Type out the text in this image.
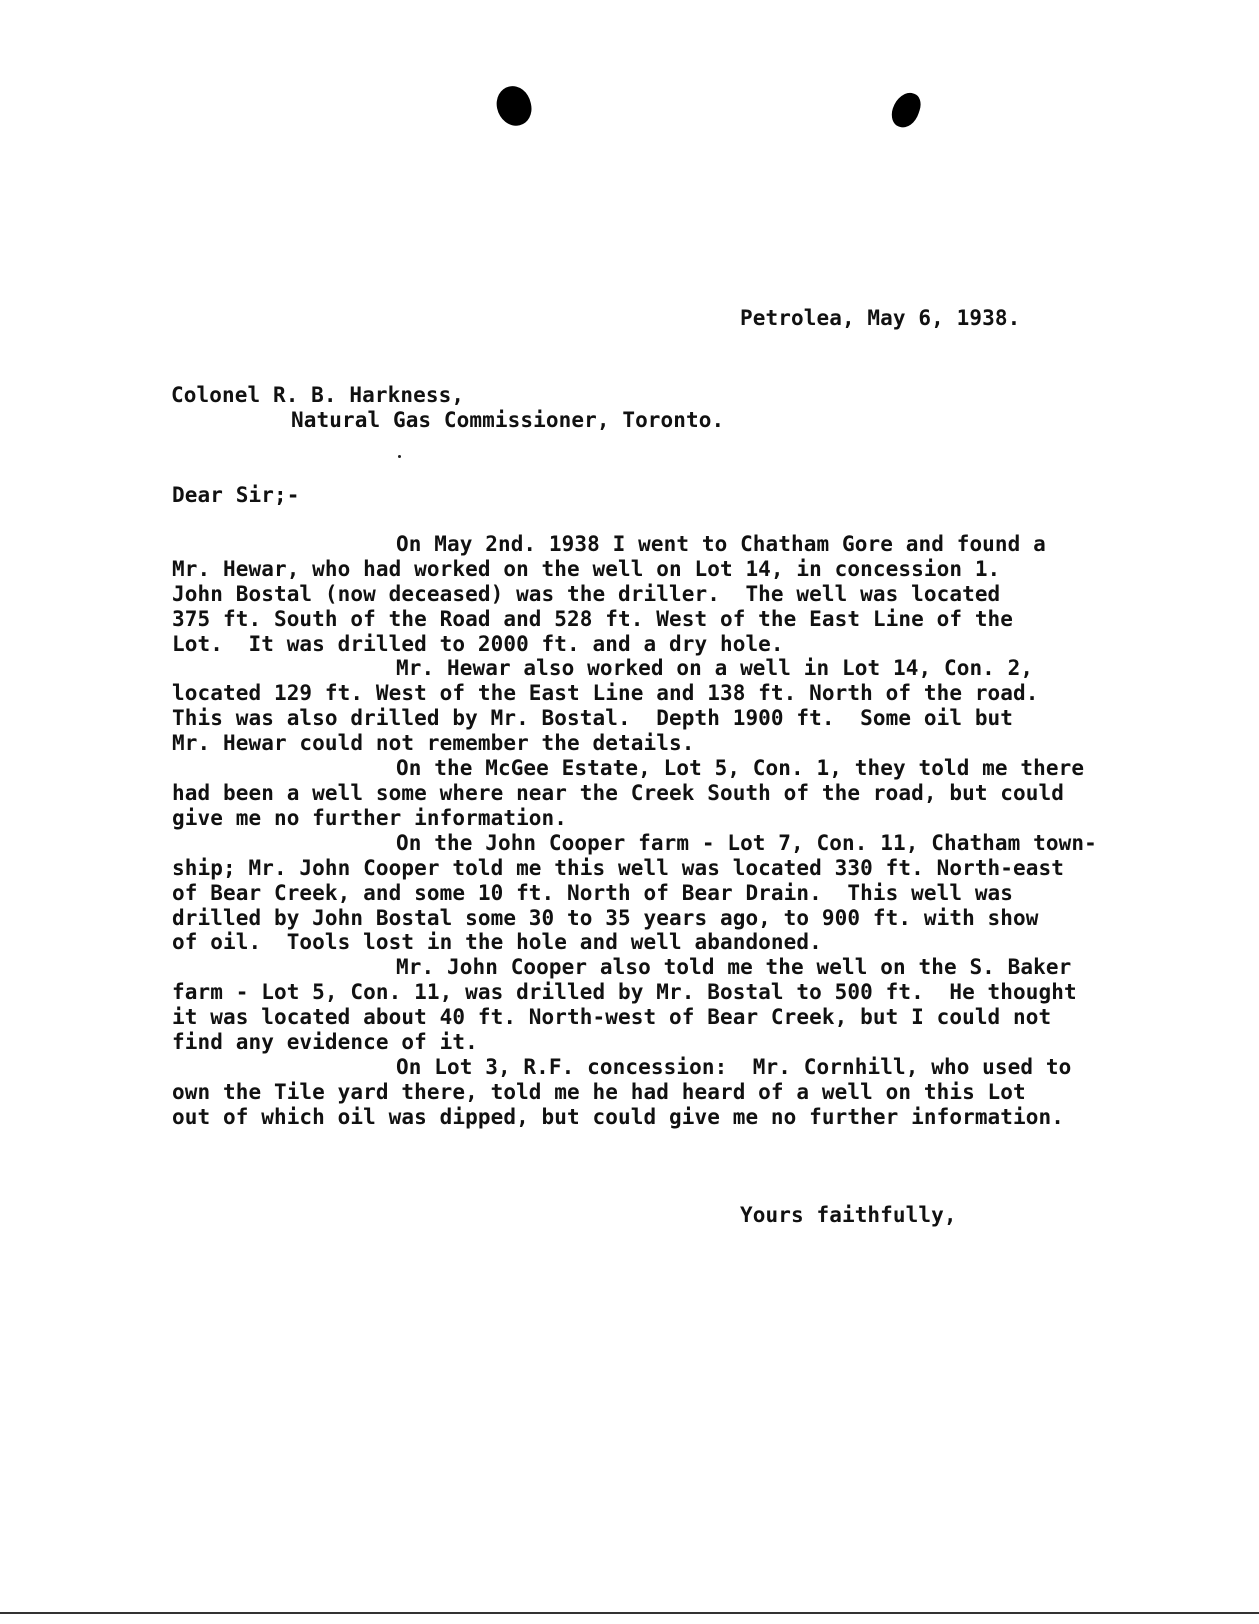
Petrolea, May 6, 1938.
Colonel R. B. Harkness,
Natural Gas Commissioner, Toronto.
Dear Sir;-
On May 2nd. 1938 I went to Chatham Gore and found a
Mr. Hewar, who had worked on the well on Lot 14, in concession 1.
John Bostal (now deceased) was the driller.  The well was located
375 ft. South of the Road and 528 ft. West of the East Line of the
Lot.  It was drilled to 2000 ft. and a dry hole.
Mr. Hewar also worked on a well in Lot 14, Con. 2,
located 129 ft. West of the East Line and 138 ft. North of the road.
This was also drilled by Mr. Bostal.  Depth 1900 ft.  Some oil but
Mr. Hewar could not remember the details.
On the McGee Estate, Lot 5, Con. 1, they told me there
had been a well some where near the Creek South of the road, but could
give me no further information.
On the John Cooper farm - Lot 7, Con. 11, Chatham town-
ship; Mr. John Cooper told me this well was located 330 ft. North-east
of Bear Creek, and some 10 ft. North of Bear Drain.  This well was
drilled by John Bostal some 30 to 35 years ago, to 900 ft. with show
of oil.  Tools lost in the hole and well abandoned.
Mr. John Cooper also told me the well on the S. Baker
farm - Lot 5, Con. 11, was drilled by Mr. Bostal to 500 ft.  He thought
it was located about 40 ft. North-west of Bear Creek, but I could not
find any evidence of it.
On Lot 3, R.F. concession:  Mr. Cornhill, who used to
own the Tile yard there, told me he had heard of a well on this Lot
out of which oil was dipped, but could give me no further information.
Yours faithfully,
